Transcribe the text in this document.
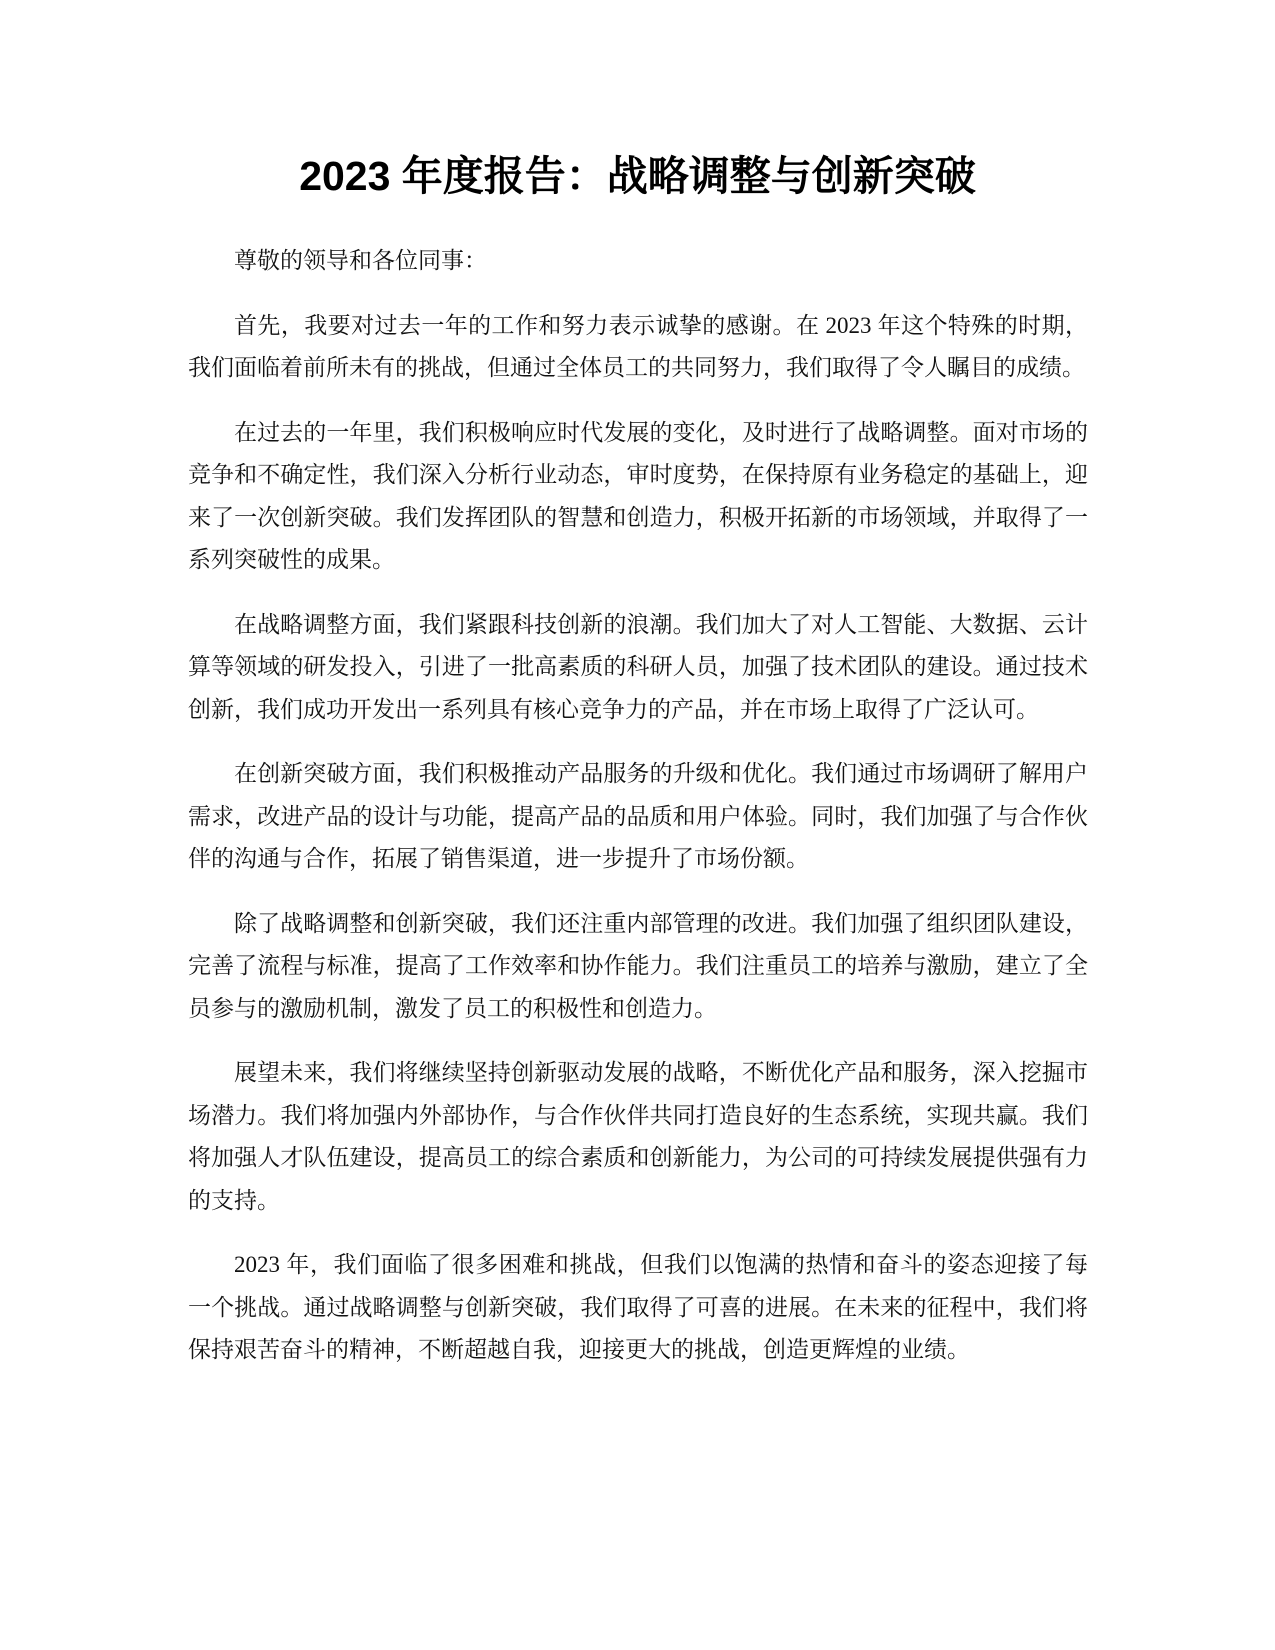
2023 年度报告：战略调整与创新突破

尊敬的领导和各位同事：

首先，我要对过去一年的工作和努力表示诚挚的感谢。在 2023 年这个特殊的时期，我们面临着前所未有的挑战，但通过全体员工的共同努力，我们取得了令人瞩目的成绩。

在过去的一年里，我们积极响应时代发展的变化，及时进行了战略调整。面对市场的竞争和不确定性，我们深入分析行业动态，审时度势，在保持原有业务稳定的基础上，迎来了一次创新突破。我们发挥团队的智慧和创造力，积极开拓新的市场领域，并取得了一系列突破性的成果。

在战略调整方面，我们紧跟科技创新的浪潮。我们加大了对人工智能、大数据、云计算等领域的研发投入，引进了一批高素质的科研人员，加强了技术团队的建设。通过技术创新，我们成功开发出一系列具有核心竞争力的产品，并在市场上取得了广泛认可。

在创新突破方面，我们积极推动产品服务的升级和优化。我们通过市场调研了解用户需求，改进产品的设计与功能，提高产品的品质和用户体验。同时，我们加强了与合作伙伴的沟通与合作，拓展了销售渠道，进一步提升了市场份额。

除了战略调整和创新突破，我们还注重内部管理的改进。我们加强了组织团队建设，完善了流程与标准，提高了工作效率和协作能力。我们注重员工的培养与激励，建立了全员参与的激励机制，激发了员工的积极性和创造力。

展望未来，我们将继续坚持创新驱动发展的战略，不断优化产品和服务，深入挖掘市场潜力。我们将加强内外部协作，与合作伙伴共同打造良好的生态系统，实现共赢。我们将加强人才队伍建设，提高员工的综合素质和创新能力，为公司的可持续发展提供强有力的支持。

2023 年，我们面临了很多困难和挑战，但我们以饱满的热情和奋斗的姿态迎接了每一个挑战。通过战略调整与创新突破，我们取得了可喜的进展。在未来的征程中，我们将保持艰苦奋斗的精神，不断超越自我，迎接更大的挑战，创造更辉煌的业绩。
